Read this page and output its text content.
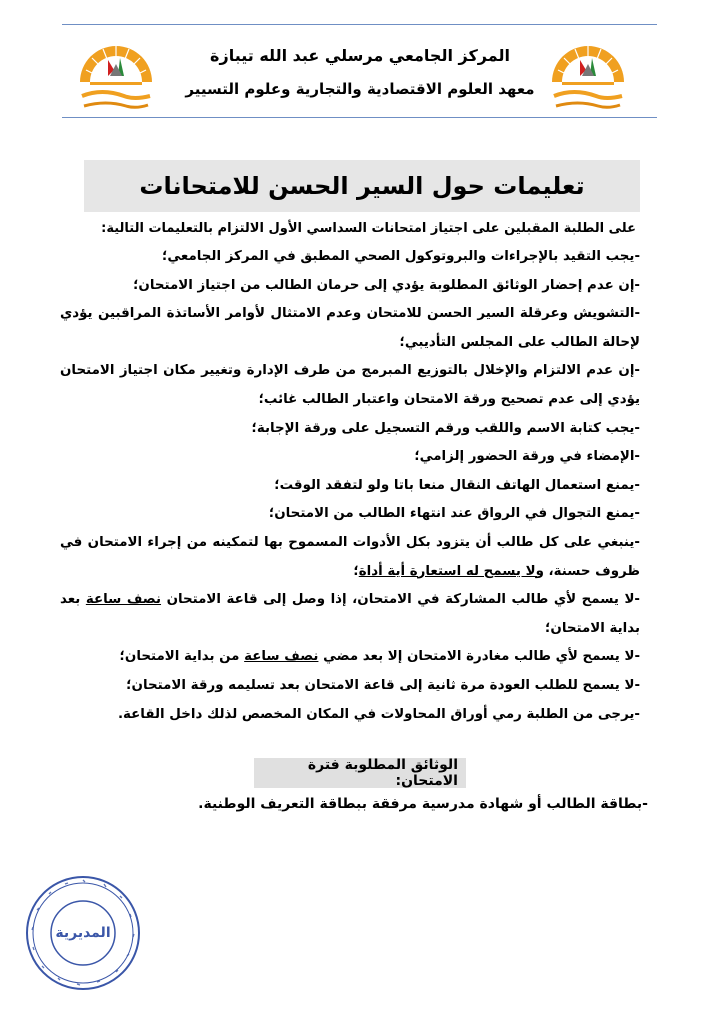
المركز الجامعي مرسلي عبد الله تيبازة
معهد العلوم الاقتصادية والتجارية وعلوم التسيير
تعليمات حول السير الحسن للامتحانات
على الطلبة المقبلين على اجتياز امتحانات السداسي الأول الالتزام بالتعليمات التالية:

-يجب التقيد بالإجراءات والبروتوكول الصحي المطبق في المركز الجامعي؛

-إن عدم إحضار الوثائق المطلوبة يؤدي إلى حرمان الطالب من اجتياز الامتحان؛

-التشويش وعرقلة السير الحسن للامتحان وعدم الامتثال لأوامر الأساتذة المراقبين يؤدي لإحالة الطالب على المجلس التأديبي؛

-إن عدم الالتزام والإخلال بالتوزيع المبرمج من طرف الإدارة وتغيير مكان اجتياز الامتحان يؤدي إلى عدم تصحيح ورقة الامتحان واعتبار الطالب غائب؛

-يجب كتابة الاسم واللقب ورقم التسجيل على ورقة الإجابة؛

-الإمضاء في ورقة الحضور إلزامي؛

-يمنع استعمال الهاتف النقال منعا باتا ولو لتفقد الوقت؛

-يمنع التجوال في الرواق عند انتهاء الطالب من الامتحان؛

-ينبغي على كل طالب أن يتزود بكل الأدوات المسموح بها لتمكينه من إجراء الامتحان في ظروف حسنة، ولا يسمح له استعارة أية أداة؛

-لا يسمح لأي طالب المشاركة في الامتحان، إذا وصل إلى قاعة الامتحان نصف ساعة بعد بداية الامتحان؛

-لا يسمح لأي طالب مغادرة الامتحان إلا بعد مضي نصف ساعة من بداية الامتحان؛

-لا يسمح للطلب العودة مرة ثانية إلى قاعة الامتحان بعد تسليمه ورقة الامتحان؛

-يرجى من الطلبة رمي أوراق المحاولات في المكان المخصص لذلك داخل القاعة.

الوثائق المطلوبة فترة الامتحان:
-بطاقة الطالب أو شهادة مدرسية مرفقة ببطاقة التعريف الوطنية.
المديرية
